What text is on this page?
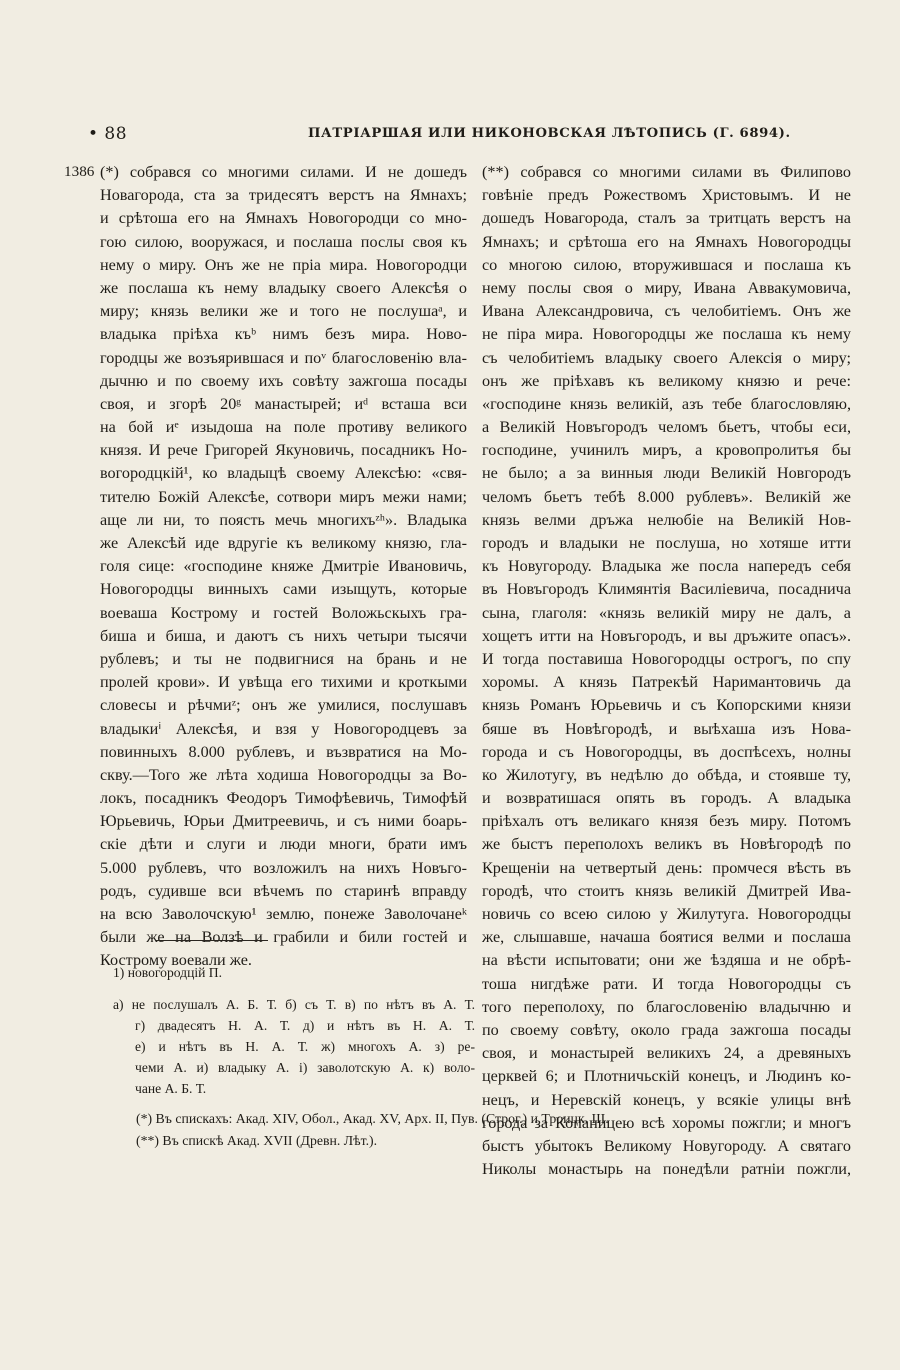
• 88	ПАТРІАРШАЯ ИЛИ НИКОНОВСКАЯ ЛѢТОПИСЬ (Г. 6894).
1386 (*) собрався со многими силами. И не дошедъ
Новагорода, ста за тридесятъ верстъ на Ямнахъ;
и срѣтоша его на Ямнахъ Новогородци со мно-
гою силою, вооружася, и послаша послы своя къ
нему о миру. Онъ же не пріа мира. Новогородци
же послаша къ нему владыку своего Алексѣя о
миру; князь велики же и того не послушаᵃ, и
владыка пріѣха къᵇ нимъ безъ мира. Ново-
городцы же возъярившася и поᵛ благословенію вла-
дычню и по своему ихъ совѣту зажгоша посады
своя, и згорѣ 20ᵍ манастырей; иᵈ всташа вси
на бой иᵉ изыдоша на поле противу великого
князя. И рече Григорей Якуновичь, посадникъ Но-
вогородцкій¹, ко владыцѣ своему Алексѣю: «свя-
тителю Божій Алексѣе, сотвори миръ межи нами;
аще ли ни, то поясть мечь многихъᶻʰ». Владыка
же Алексѣй иде вдругіе къ великому князю, гла-
голя сице: «господине княже Дмитріе Ивановичь,
Новогородцы винныхъ сами изыщуть, которые
воеваша Кострому и гостей Воложьскыхъ гра-
биша и биша, и даютъ съ нихъ четыри тысячи
рублевъ; и ты не подвигнися на брань и не
пролей крови». И увѣща его тихими и кроткыми
словесы и рѣчмиᶻ; онъ же умилися, послушавъ
владыкиⁱ Алексѣя, и взя у Новогородцевъ за
повинныхъ 8.000 рублевъ, и възвратися на Мо-
скву.—Того же лѣта ходиша Новогородцы за Во-
локъ, посадникъ Феодоръ Тимофѣевичь, Тимофѣй
Юрьевичь, Юрьи Дмитреевичь, и съ ними боарь-
скіе дѣти и слуги и люди многи, брати имъ
5.000 рублевъ, что возложилъ на нихъ Новъго-
родъ, судивше вси вѣчемъ по старинѣ вправду
на всю Заволочскую¹ землю, понеже Заволочанеᵏ
были же на Волзѣ и грабили и били гостей и
Кострому воевали же.
(**) собрався со многими силами въ Филипово
говѣніе предъ Рожествомъ Христовымъ. И не
дошедъ Новагорода, сталъ за тритцать верстъ на
Ямнахъ; и срѣтоша его на Ямнахъ Новогородцы
со многою силою, вторужившася и послаша къ
нему послы своя о миру, Ивана Аввакумовича,
Ивана Александровича, съ челобитіемъ. Онъ же
не піра мира. Новогородцы же послаша къ нему
съ челобитіемъ владыку своего Алексія о миру;
онъ же пріѣхавъ къ великому князю и рече:
«господине князь великій, азъ тебе благословляю,
а Великій Новъгородъ челомъ бьетъ, чтобы еси,
господине, учинилъ миръ, а кровопролитья бы
не было; а за винныя люди Великій Новгородъ
челомъ бьетъ тебѣ 8.000 рублевъ». Великій же
князь велми дръжа нелюбіе на Великій Нов-
городъ и владыки не послуша, но хотяше итти
къ Новугороду. Владыка же посла напередъ себя
въ Новъгородъ Климянтія Василіевича, посаднича
сына, глаголя: «князь великій миру не далъ, а
хощетъ итти на Новъгородъ, и вы дръжите опасъ».
И тогда поставиша Новогородцы острогъ, по спу
хоромы. А князь Патрекѣй Наримантовичь да
князь Романъ Юрьевичь и съ Копорскими князи
бяше въ Новѣгородѣ, и выѣхаша изъ Нова-
города и съ Новогородцы, въ доспѣсехъ, нолны
ко Жилотугу, въ недѣлю до обѣда, и стоявше ту,
и возвратишася опять въ городъ. А владыка
пріѣхалъ отъ великаго князя безъ миру. Потомъ
же быстъ переполохъ великъ въ Новѣгородѣ по
Крещеніи на четвертый день: промчеся вѣсть въ
городѣ, что стоитъ князь великій Дмитрей Ива-
новичь со всею силою у Жилутуга. Новогородцы
же, слышавше, начаша боятися велми и послаша
на вѣсти испытовати; они же ѣздяша и не обрѣ-
тоша нигдѣже рати. И тогда Новогородцы съ
того переполоху, по благословенію владычню и
по своему совѣту, около града зажгоша посады
своя, и монастырей великихъ 24, а древяныхъ
церквей 6; и Плотничьскій конецъ, и Людинъ ко-
нецъ, и Неревскій конецъ, у всякіе улицы внѣ
города за Копаницею всѣ хоромы пожгли; и многъ
быстъ убытокъ Великому Новугороду. А святаго
Николы монастырь на понедѣли ратніи пожгли,
1) новогородцій П.
а) не послушалъ А. Б. Т. б) съ Т. в) по нѣтъ въ А. Т.
г) двадесятъ Н. А. Т. д) и нѣтъ въ Н. А. Т.
е) и нѣтъ въ Н. А. Т. ж) многохъ А. з) ре-
чеми А. и) владыку А. і) заволотскую А. к) воло-
чане А. Б. Т.
(*) Въ спискахъ: Акад. XIV, Обол., Акад. XV, Арх. II, Пув. (Строг.) и Троицк. III.
(**) Въ спискѣ Акад. XVII (Древн. Лѣт.).
